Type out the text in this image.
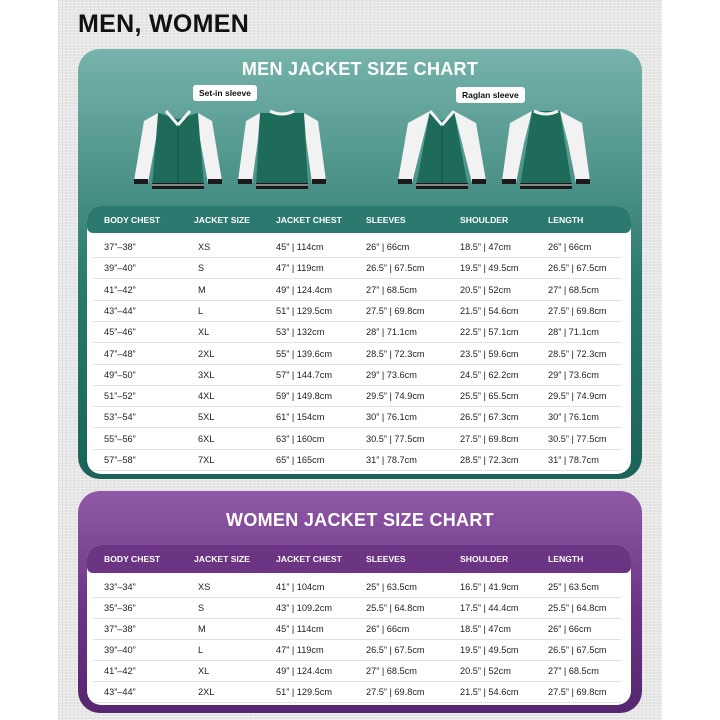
MEN, WOMEN
MEN JACKET SIZE CHART
Set-in sleeve	Raglan sleeve
BODY CHEST	JACKET SIZE	JACKET CHEST	SLEEVES	SHOULDER	LENGTH
37”–38”	XS	45” | 114cm	26” | 66cm	18.5” | 47cm	26” | 66cm
39”–40”	S	47” | 119cm	26.5” | 67.5cm	19.5” | 49.5cm	26.5” | 67.5cm
41”–42”	M	49” | 124.4cm	27” | 68.5cm	20.5” | 52cm	27” | 68.5cm
43”–44”	L	51” | 129.5cm	27.5” | 69.8cm	21.5” | 54.6cm	27.5” | 69.8cm
45”–46”	XL	53” | 132cm	28” | 71.1cm	22.5” | 57.1cm	28” | 71.1cm
47”–48”	2XL	55” | 139.6cm	28.5” | 72.3cm	23.5” | 59.6cm	28.5” | 72.3cm
49”–50”	3XL	57” | 144.7cm	29” | 73.6cm	24.5” | 62.2cm	29” | 73.6cm
51”–52”	4XL	59” | 149.8cm	29.5” | 74.9cm	25.5” | 65.5cm	29.5” | 74.9cm
53”–54”	5XL	61” | 154cm	30” | 76.1cm	26.5” | 67.3cm	30” | 76.1cm
55”–56”	6XL	63” | 160cm	30.5” | 77.5cm	27.5” | 69.8cm	30.5” | 77.5cm
57”–58”	7XL	65” | 165cm	31” | 78.7cm	28.5” | 72.3cm	31” | 78.7cm
WOMEN JACKET SIZE CHART
BODY CHEST	JACKET SIZE	JACKET CHEST	SLEEVES	SHOULDER	LENGTH
33”–34”	XS	41” | 104cm	25” | 63.5cm	16.5” | 41.9cm	25” | 63.5cm
35”–36”	S	43” | 109.2cm	25.5” | 64.8cm	17.5” | 44.4cm	25.5” | 64.8cm
37”–38”	M	45” | 114cm	26” | 66cm	18.5” | 47cm	26” | 66cm
39”–40”	L	47” | 119cm	26.5” | 67.5cm	19.5” | 49.5cm	26.5” | 67.5cm
41”–42”	XL	49” | 124.4cm	27” | 68.5cm	20.5” | 52cm	27” | 68.5cm
43”–44”	2XL	51” | 129.5cm	27.5” | 69.8cm	21.5” | 54.6cm	27.5” | 69.8cm
